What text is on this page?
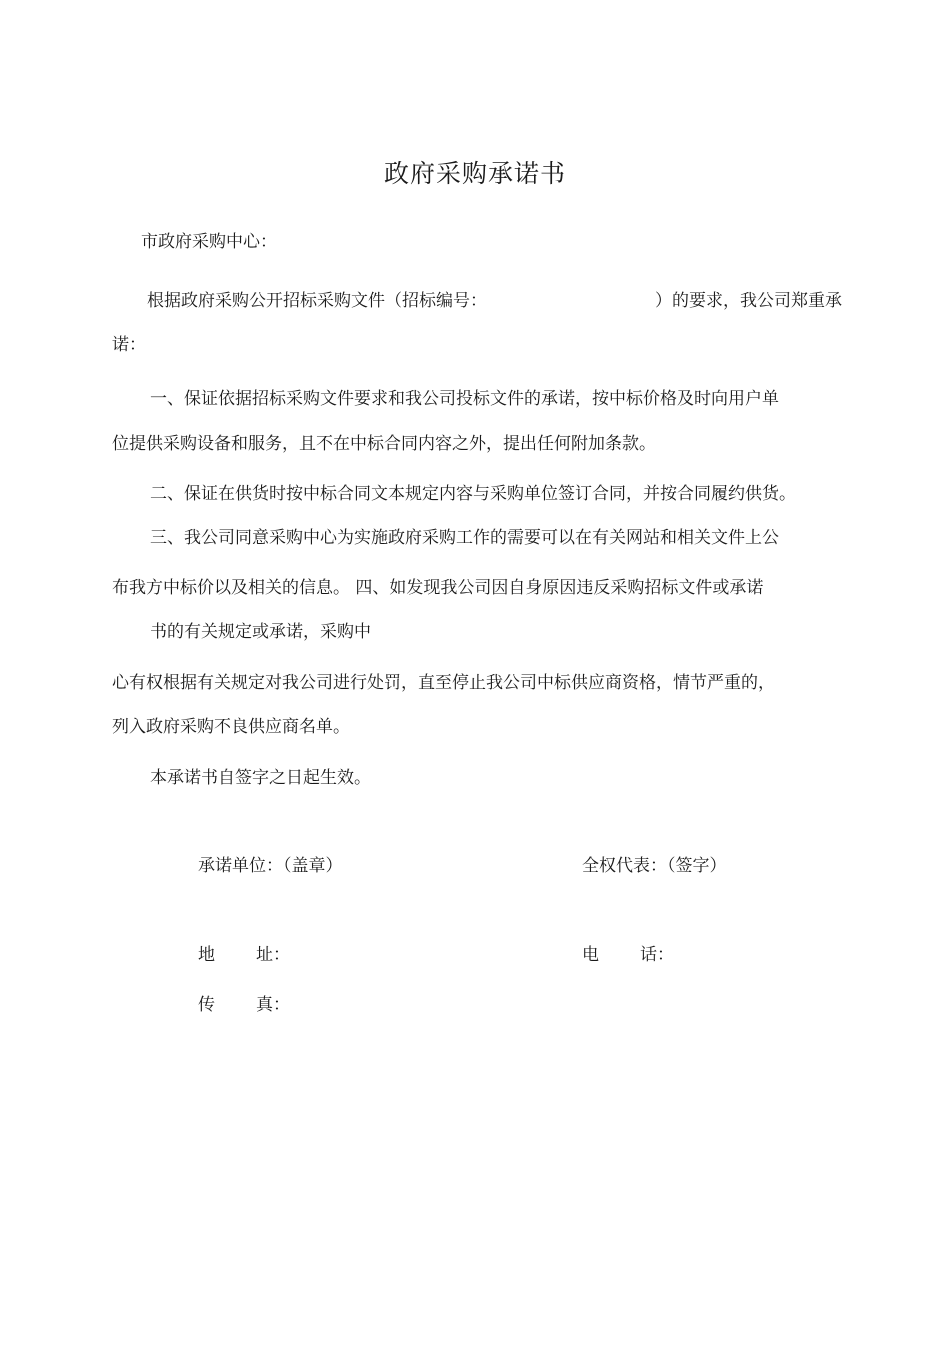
政府采购承诺书
市政府采购中心：
根据政府采购公开招标采购文件（招标编号：	）的要求，我公司郑重承
诺：
一、保证依据招标采购文件要求和我公司投标文件的承诺，按中标价格及时向用户单
位提供采购设备和服务，且不在中标合同内容之外，提出任何附加条款。
二、保证在供货时按中标合同文本规定内容与采购单位签订合同，并按合同履约供货。
三、我公司同意采购中心为实施政府采购工作的需要可以在有关网站和相关文件上公
布我方中标价以及相关的信息。 四、如发现我公司因自身原因违反采购招标文件或承诺
书的有关规定或承诺，采购中
心有权根据有关规定对我公司进行处罚，直至停止我公司中标供应商资格，情节严重的，
列入政府采购不良供应商名单。
本承诺书自签字之日起生效。
承诺单位：（盖章）	全权代表：（签字）
地 址：	电 话：
传 真：
